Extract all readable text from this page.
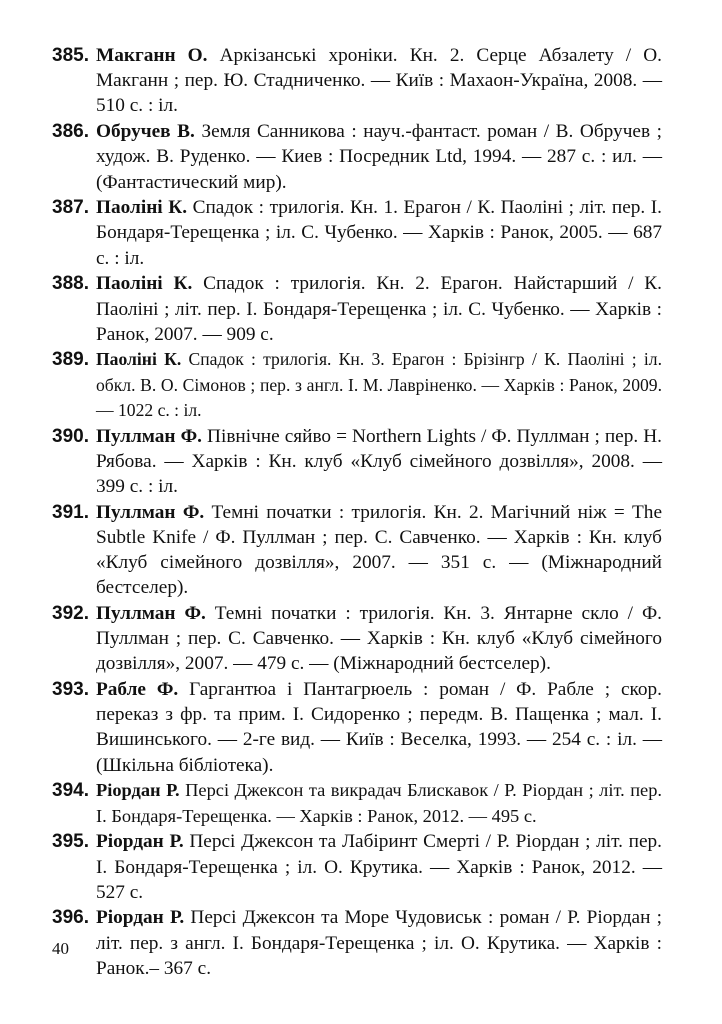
385. Макганн О. Аркізанські хроніки. Кн. 2. Серце Абзалету / О. Макганн ; пер. Ю. Стадниченко. — Київ : Махаон-Україна, 2008. — 510 с. : іл.
386. Обручев В. Земля Санникова : науч.-фантаст. роман / В. Обручев ; худож. В. Руденко. — Киев : Посредник Ltd, 1994. — 287 с. : ил. — (Фантастический мир).
387. Паоліні К. Спадок : трилогія. Кн. 1. Ерагон / К. Паоліні ; літ. пер. І. Бондаря-Терещенка ; іл. С. Чубенко. — Харків : Ранок, 2005. — 687 с. : іл.
388. Паоліні К. Спадок : трилогія. Кн. 2. Ерагон. Найстарший / К. Паоліні ; літ. пер. І. Бондаря-Терещенка ; іл. С. Чубенко. — Харків : Ранок, 2007. — 909 с.
389. Паоліні К. Спадок : трилогія. Кн. 3. Ерагон : Брізінгр / К. Паоліні ; іл. обкл. В. О. Сімонов ; пер. з англ. І. М. Лавріненко. — Харків : Ранок, 2009. — 1022 с. : іл.
390. Пуллман Ф. Північне сяйво = Northern Lights / Ф. Пуллман ; пер. Н. Рябова. — Харків : Кн. клуб «Клуб сімейного дозвілля», 2008. — 399 с. : іл.
391. Пуллман Ф. Темні початки : трилогія. Кн. 2. Магічний ніж = The Subtle Knife / Ф. Пуллман ; пер. С. Савченко. — Харків : Кн. клуб «Клуб сімейного дозвілля», 2007. — 351 с. — (Міжнародний бестселер).
392. Пуллман Ф. Темні початки : трилогія. Кн. 3. Янтарне скло / Ф. Пуллман ; пер. С. Савченко. — Харків : Кн. клуб «Клуб сімейного дозвілля», 2007. — 479 с. — (Міжнародний бестселер).
393. Рабле Ф. Гаргантюа і Пантагрюель : роман / Ф. Рабле ; скор. переказ з фр. та прим. І. Сидоренко ; передм. В. Пащенка ; мал. І. Вишинського. — 2-ге вид. — Київ : Веселка, 1993. — 254 с. : іл. — (Шкільна бібліотека).
394. Ріордан Р. Персі Джексон та викрадач Блискавок / Р. Ріордан ; літ. пер. І. Бондаря-Терещенка. — Харків : Ранок, 2012. — 495 с.
395. Ріордан Р. Персі Джексон та Лабіринт Смерті / Р. Ріордан ; літ. пер. І. Бондаря-Терещенка ; іл. О. Крутика. — Харків : Ранок, 2012. — 527 с.
396. Ріордан Р. Персі Джексон та Море Чудовиськ : роман / Р. Ріордан ; літ. пер. з англ. І. Бондаря-Терещенка ; іл. О. Крутика. — Харків : Ранок.– 367 с.
40
